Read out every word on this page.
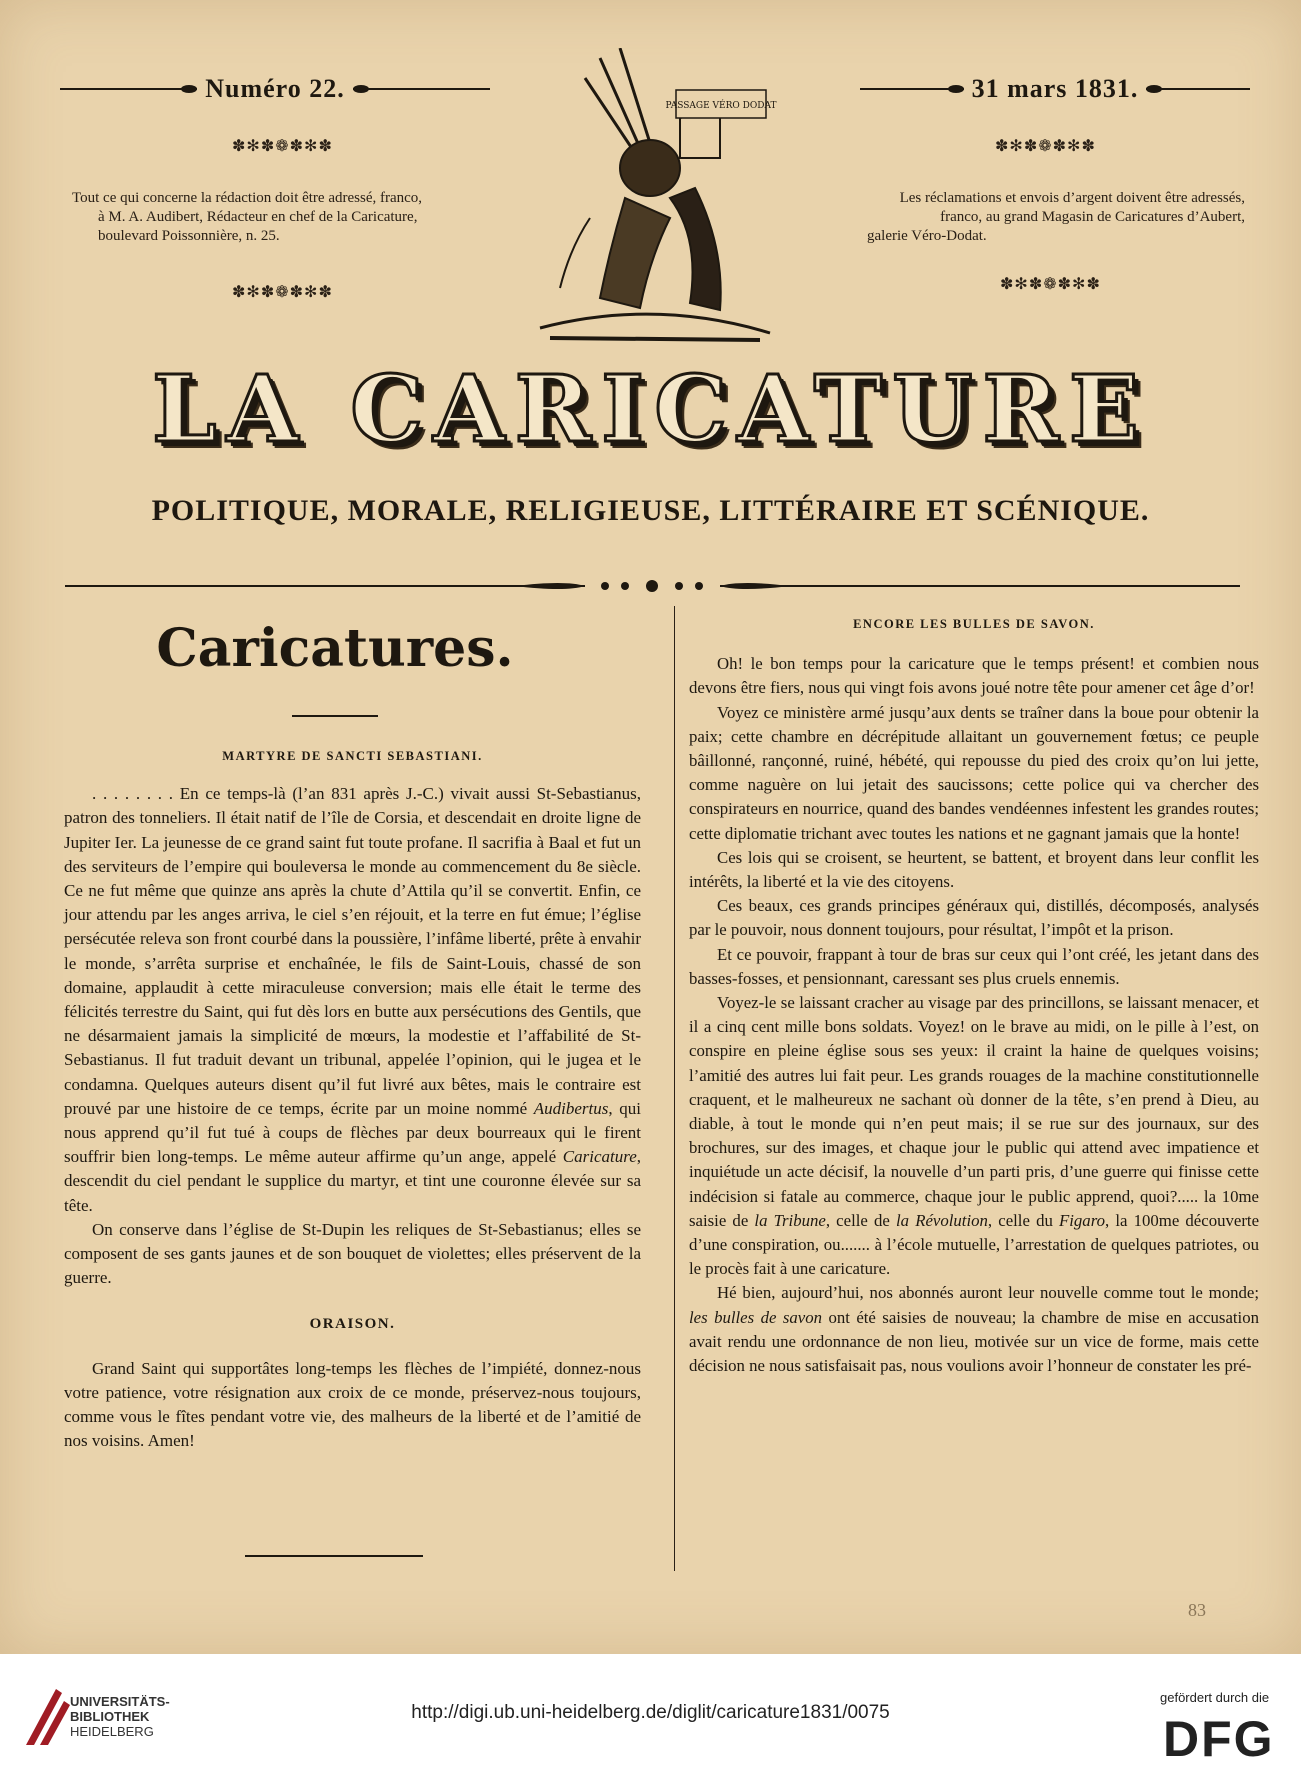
Numéro 22.	31 mars 1831.
✽✻✽❁✽✻✽	✽✻✽❁✽✻✽
Tout ce qui concerne la rédaction doit être adressé, franco,
à M. A. Audibert, Rédacteur en chef de la Caricature,
boulevard Poissonnière, n. 25.
Les réclamations et envois d’argent doivent être adressés,
franco, au grand Magasin de Caricatures d’Aubert,
galerie Véro-Dodat.
✽✻✽❁✽✻✽	✽✻✽❁✽✻✽
PASSAGE VÉRO DODAT
LA CARICATURE
POLITIQUE, MORALE, RELIGIEUSE, LITTÉRAIRE ET SCÉNIQUE.
Caricatures.

MARTYRE DE SANCTI SEBASTIANI.

. . . . . . . . En ce temps-là (l’an 831 après J.-C.) vivait aussi St-Sebastianus, patron des tonneliers. Il était natif de l’île de Corsia, et descendait en droite ligne de Jupiter Ier. La jeunesse de ce grand saint fut toute profane. Il sacrifia à Baal et fut un des serviteurs de l’empire qui bouleversa le monde au commencement du 8e siècle. Ce ne fut même que quinze ans après la chute d’Attila qu’il se convertit. Enfin, ce jour attendu par les anges arriva, le ciel s’en réjouit, et la terre en fut émue; l’église persécutée releva son front courbé dans la poussière, l’infâme liberté, prête à envahir le monde, s’arrêta surprise et enchaînée, le fils de Saint-Louis, chassé de son domaine, applaudit à cette miraculeuse conversion; mais elle était le terme des félicités terrestre du Saint, qui fut dès lors en butte aux persécutions des Gentils, que ne désarmaient jamais la simplicité de mœurs, la modestie et l’affabilité de St-Sebastianus. Il fut traduit devant un tribunal, appelée l’opinion, qui le jugea et le condamna. Quelques auteurs disent qu’il fut livré aux bêtes, mais le contraire est prouvé par une histoire de ce temps, écrite par un moine nommé Audibertus, qui nous apprend qu’il fut tué à coups de flèches par deux bourreaux qui le firent souffrir bien long-temps. Le même auteur affirme qu’un ange, appelé Caricature, descendit du ciel pendant le supplice du martyr, et tint une couronne élevée sur sa tête.

On conserve dans l’église de St-Dupin les reliques de St-Sebastianus; elles se composent de ses gants jaunes et de son bouquet de violettes; elles préservent de la guerre.

ORAISON.

Grand Saint qui supportâtes long-temps les flèches de l’impiété, donnez-nous votre patience, votre résignation aux croix de ce monde, préservez-nous toujours, comme vous le fîtes pendant votre vie, des malheurs de la liberté et de l’amitié de nos voisins. Amen!

ENCORE LES BULLES DE SAVON.

Oh! le bon temps pour la caricature que le temps présent! et combien nous devons être fiers, nous qui vingt fois avons joué notre tête pour amener cet âge d’or!

Voyez ce ministère armé jusqu’aux dents se traîner dans la boue pour obtenir la paix; cette chambre en décrépitude allaitant un gouvernement fœtus; ce peuple bâillonné, rançonné, ruiné, hébété, qui repousse du pied des croix qu’on lui jette, comme naguère on lui jetait des saucissons; cette police qui va chercher des conspirateurs en nourrice, quand des bandes vendéennes infestent les grandes routes; cette diplomatie trichant avec toutes les nations et ne gagnant jamais que la honte!

Ces lois qui se croisent, se heurtent, se battent, et broyent dans leur conflit les intérêts, la liberté et la vie des citoyens.

Ces beaux, ces grands principes généraux qui, distillés, décomposés, analysés par le pouvoir, nous donnent toujours, pour résultat, l’impôt et la prison.

Et ce pouvoir, frappant à tour de bras sur ceux qui l’ont créé, les jetant dans des basses-fosses, et pensionnant, caressant ses plus cruels ennemis.

Voyez-le se laissant cracher au visage par des princillons, se laissant menacer, et il a cinq cent mille bons soldats. Voyez! on le brave au midi, on le pille à l’est, on conspire en pleine église sous ses yeux: il craint la haine de quelques voisins; l’amitié des autres lui fait peur. Les grands rouages de la machine constitutionnelle craquent, et le malheureux ne sachant où donner de la tête, s’en prend à Dieu, au diable, à tout le monde qui n’en peut mais; il se rue sur des journaux, sur des brochures, sur des images, et chaque jour le public qui attend avec impatience et inquiétude un acte décisif, la nouvelle d’un parti pris, d’une guerre qui finisse cette indécision si fatale au commerce, chaque jour le public apprend, quoi?..... la 10me saisie de la Tribune, celle de la Révolution, celle du Figaro, la 100me découverte d’une conspiration, ou....... à l’école mutuelle, l’arrestation de quelques patriotes, ou le procès fait à une caricature.

Hé bien, aujourd’hui, nos abonnés auront leur nouvelle comme tout le monde; les bulles de savon ont été saisies de nouveau; la chambre de mise en accusation avait rendu une ordonnance de non lieu, motivée sur un vice de forme, mais cette décision ne nous satisfaisait pas, nous voulions avoir l’honneur de constater les pré-

83
UNIVERSITÄTS-
BIBLIOTHEK
HEIDELBERG
http://digi.ub.uni-heidelberg.de/diglit/caricature1831/0075
gefördert durch die
DFG
